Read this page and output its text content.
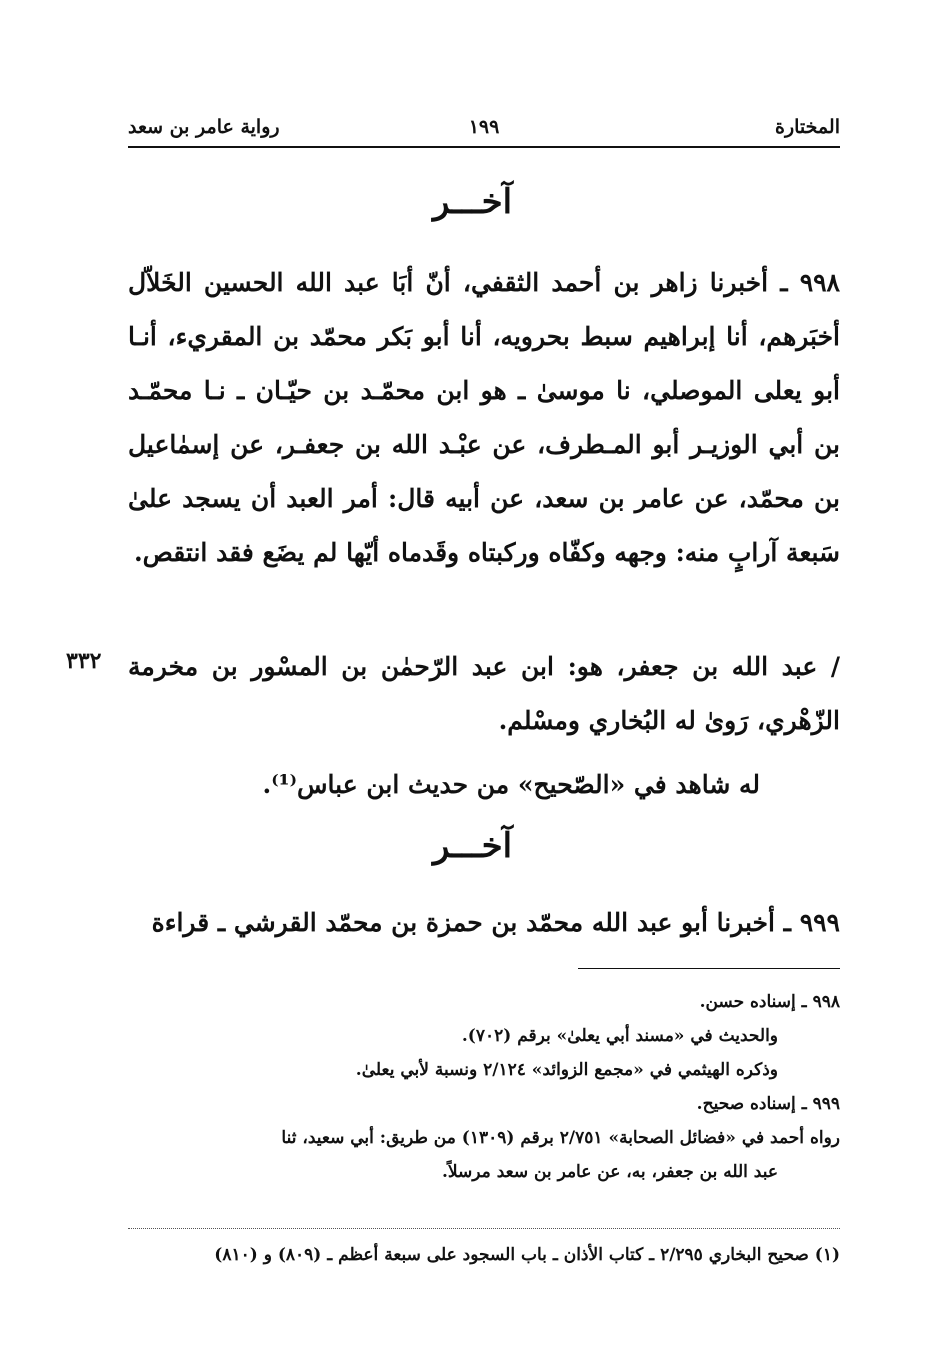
المختارة
١٩٩
رواية عامر بن سعد
آخـــر
٩٩٨ ـ أخبرنا زاهر بن أحمد الثقفي، أنّ أبَا عبد الله الحسين الخَلاّل أخبَرهم، أنا إبراهيم سبط بحرويه، أنا أبو بَكر محمّد بن المقريء، أنـا أبو يعلى الموصلي، نا موسىٰ ـ هو ابن محمّـد بن حيّـان ـ نـا محمّـد بن أبي الوزيـر أبو المـطرف، عن عبْـد الله بن جعفـر، عن إسمٰاعيل بن محمّد، عن عامر بن سعد، عن أبيه قال: أمر العبد أن يسجد علىٰ سَبعة آرابٍ منه: وجهه وكفّاه وركبتاه وقَدماه أيّها لم يضَع فقد انتقص.
/ عبد الله بن جعفر، هو: ابن عبد الرّحمٰن بن المسْور بن مخرمة الزّهْري، رَوىٰ له البُخاري ومسْلم.
٣٣٢
له شاهد في «الصّحيح» من حديث ابن عباس⁽¹⁾.
آخـــر
٩٩٩ ـ أخبرنا أبو عبد الله محمّد بن حمزة بن محمّد القرشي ـ قراءة
٩٩٨ ـ إسناده حسن.
والحديث في «مسند أبي يعلىٰ» برقم (٧٠٢).
وذكره الهيثمي في «مجمع الزوائد» ٢/١٢٤ ونسبة لأبي يعلىٰ.
٩٩٩ ـ إسناده صحيح.
رواه أحمد في «فضائل الصحابة» ٢/٧٥١ برقم (١٣٠٩) من طريق: أبي سعيد، ثنا
عبد الله بن جعفر، به، عن عامر بن سعد مرسلاً.
(١) صحيح البخاري ٢/٢٩٥ ـ كتاب الأذان ـ باب السجود على سبعة أعظم ـ (٨٠٩) و (٨١٠)
